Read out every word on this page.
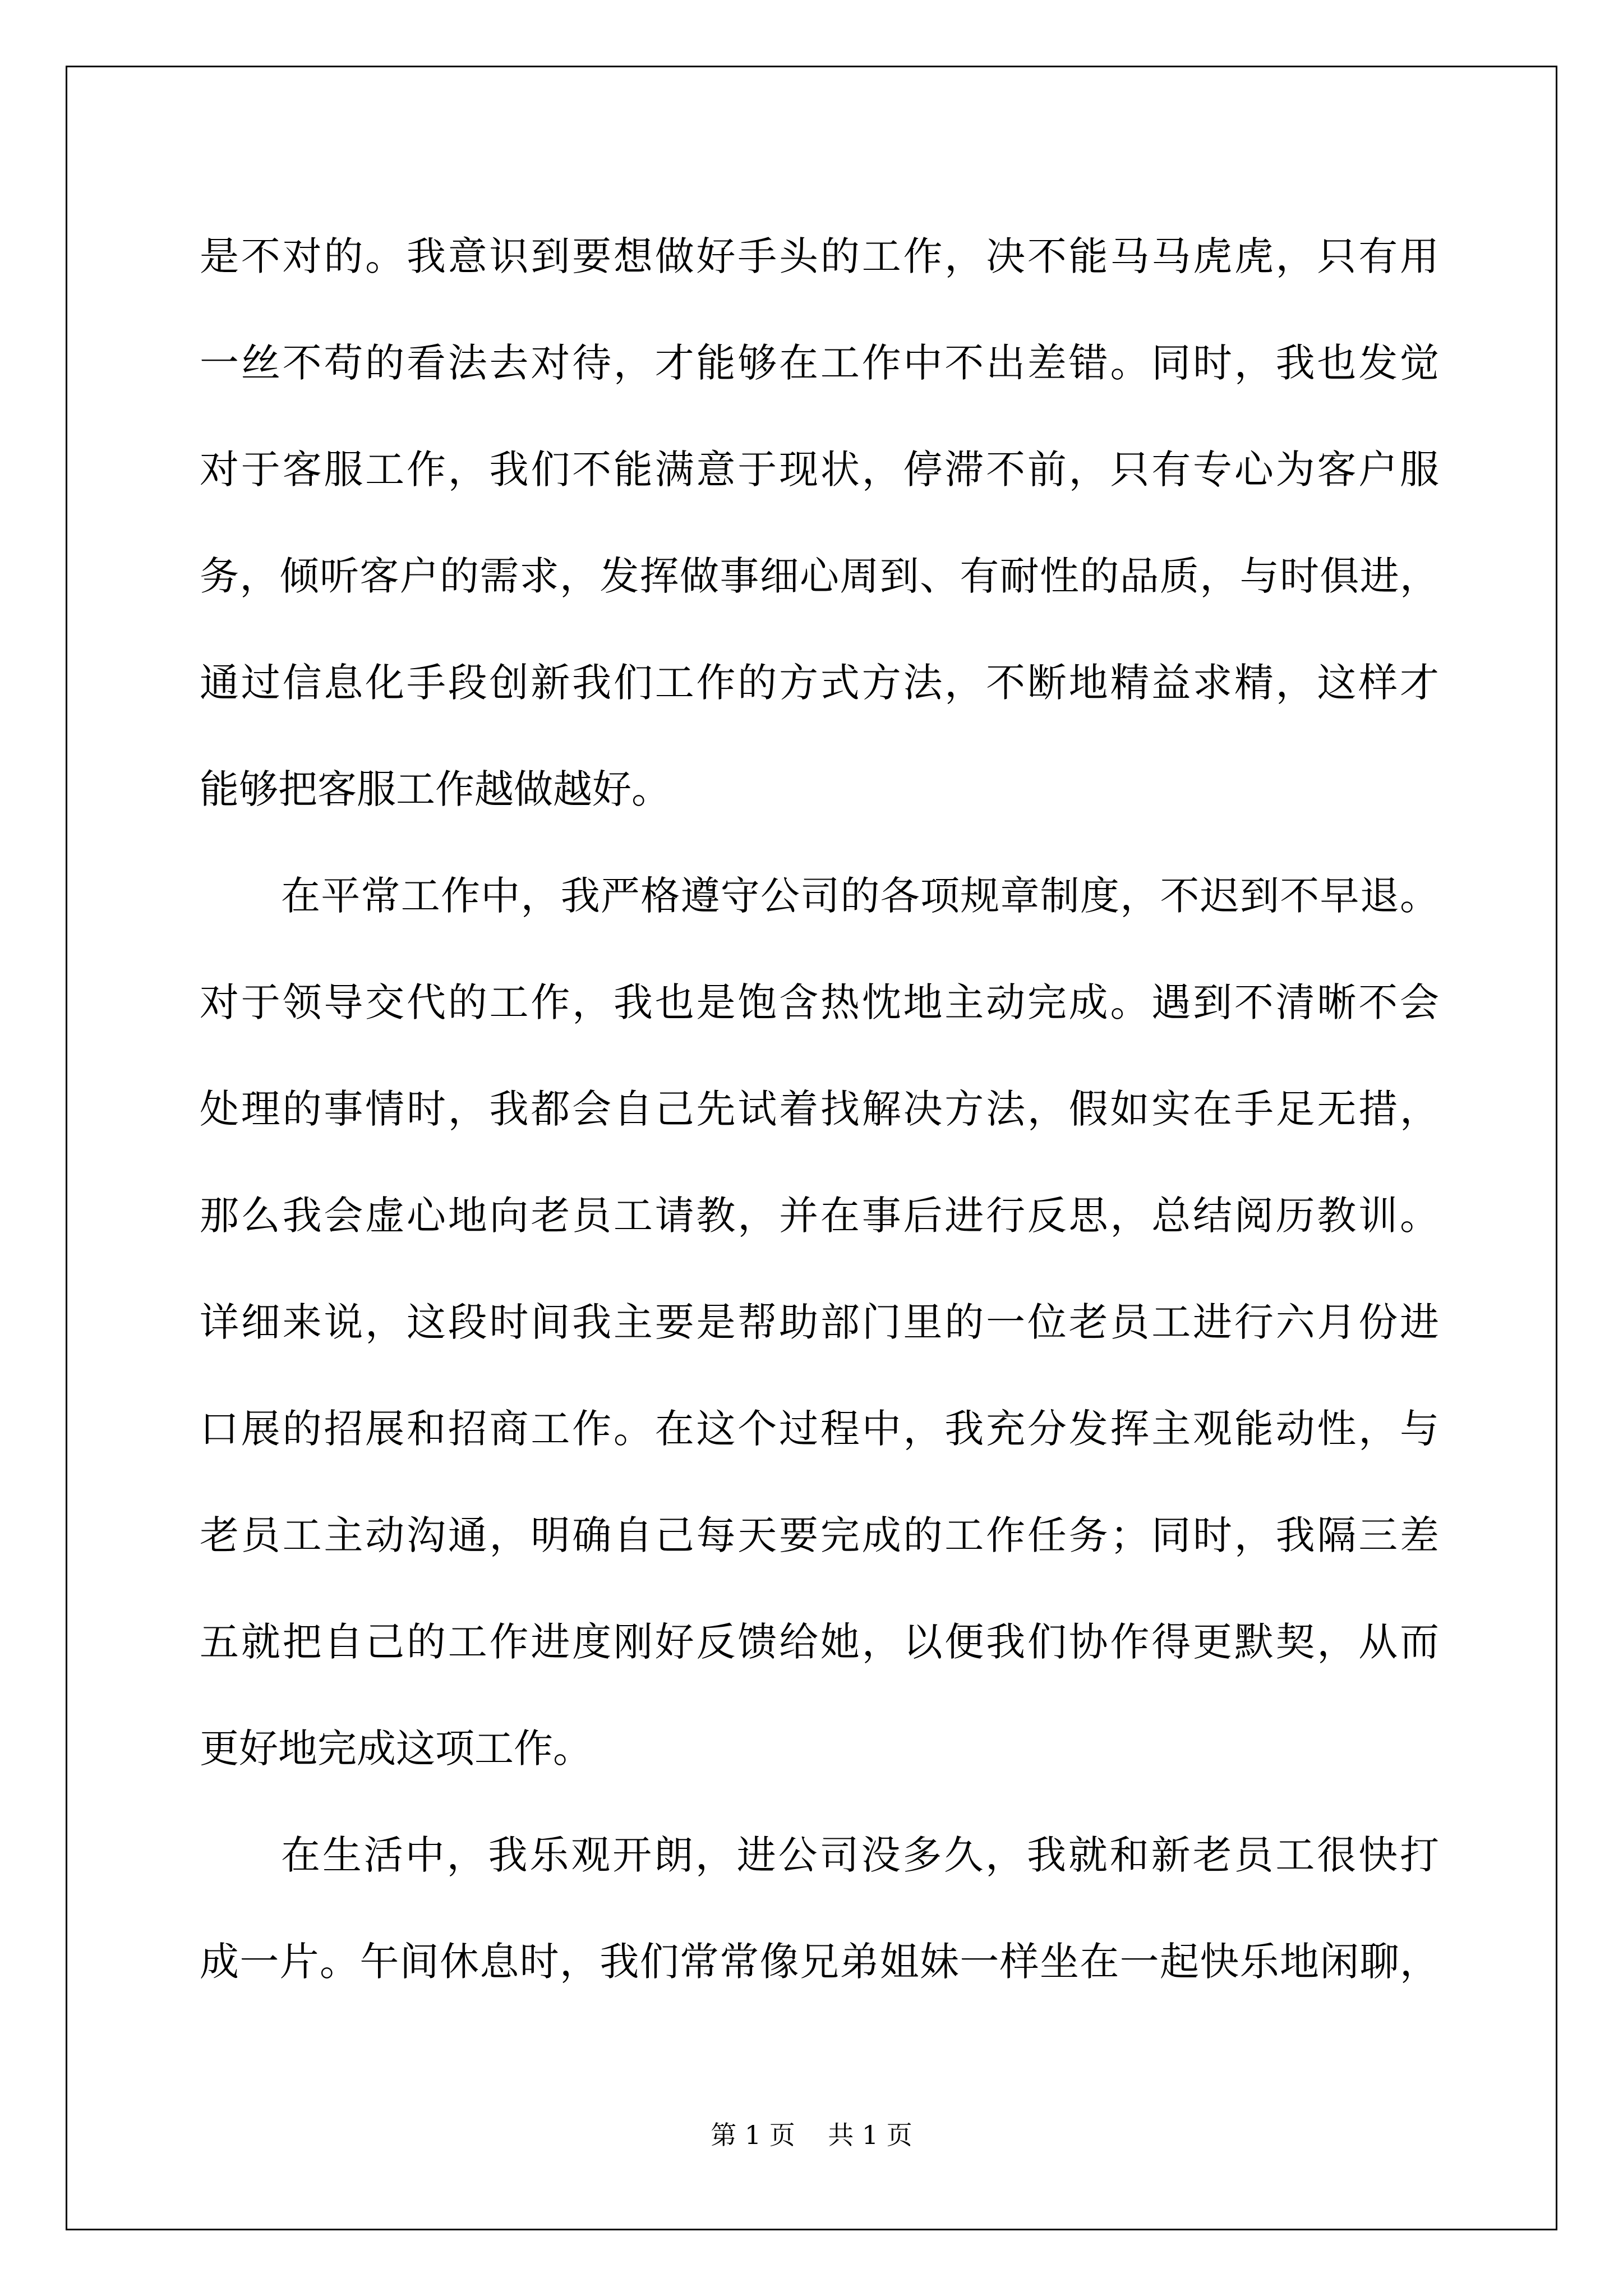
是不对的。我意识到要想做好手头的工作，决不能马马虎虎，只有用
一丝不苟的看法去对待，才能够在工作中不出差错。同时，我也发觉
对于客服工作，我们不能满意于现状，停滞不前，只有专心为客户服
务，倾听客户的需求，发挥做事细心周到、有耐性的品质，与时俱进，
通过信息化手段创新我们工作的方式方法，不断地精益求精，这样才
能够把客服工作越做越好。
在平常工作中，我严格遵守公司的各项规章制度，不迟到不早退。
对于领导交代的工作，我也是饱含热忱地主动完成。遇到不清晰不会
处理的事情时，我都会自己先试着找解决方法，假如实在手足无措，
那么我会虚心地向老员工请教，并在事后进行反思，总结阅历教训。
详细来说，这段时间我主要是帮助部门里的一位老员工进行六月份进
口展的招展和招商工作。在这个过程中，我充分发挥主观能动性，与
老员工主动沟通，明确自己每天要完成的工作任务；同时，我隔三差
五就把自己的工作进度刚好反馈给她，以便我们协作得更默契，从而
更好地完成这项工作。
在生活中，我乐观开朗，进公司没多久，我就和新老员工很快打
成一片。午间休息时，我们常常像兄弟姐妹一样坐在一起快乐地闲聊，
第 1 页    共 1 页
